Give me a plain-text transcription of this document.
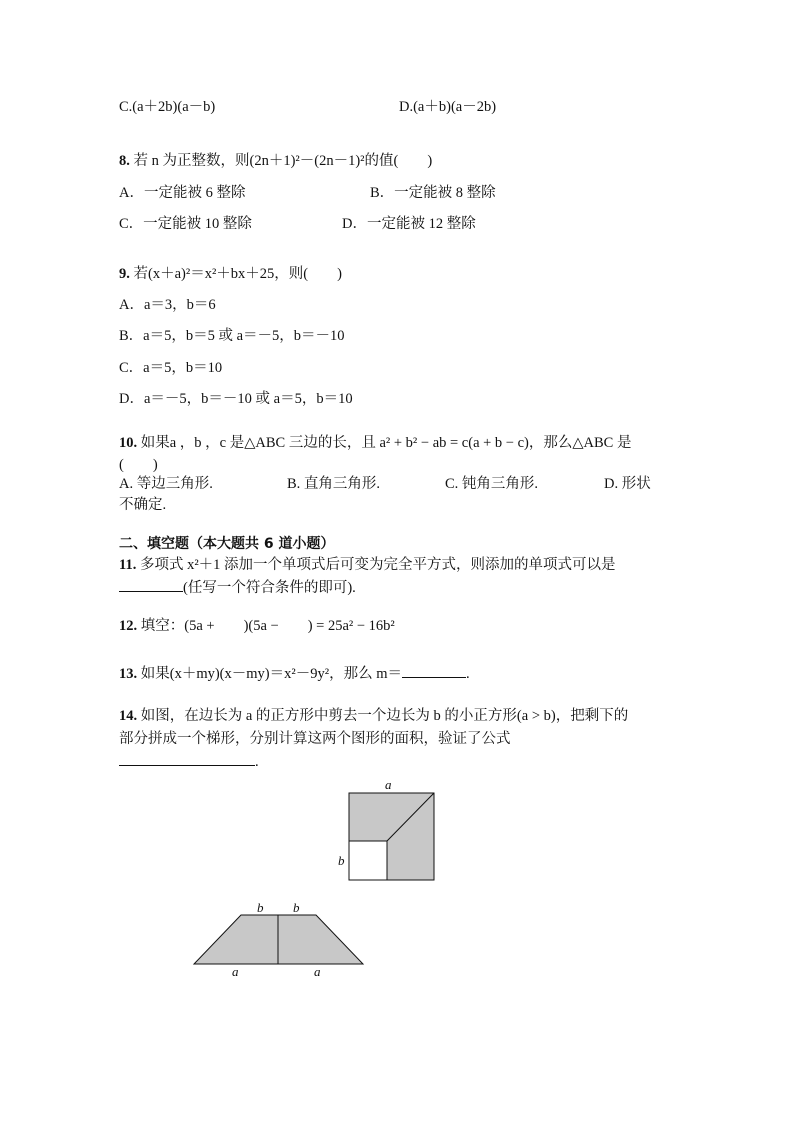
C.(a＋2b)(a－b)	D.(a＋b)(a－2b)
8. 若 n 为正整数，则(2n＋1)²－(2n－1)²的值(　　)
A．一定能被 6 整除	B．一定能被 8 整除
C．一定能被 10 整除	D．一定能被 12 整除
9. 若(x＋a)²＝x²＋bx＋25，则(　　)
A．a＝3，b＝6
B．a＝5，b＝5 或 a＝－5，b＝－10
C．a＝5，b＝10
D．a＝－5，b＝－10 或 a＝5，b＝10
10. 如果a ，b ，c 是△ABC 三边的长，且 a² + b² − ab = c(a + b − c)，那么△ABC 是
(　　)
A. 等边三角形.	B. 直角三角形.	C. 钝角三角形.	D. 形状
不确定.
二、填空题（本大题共 6 道小题）
11. 多项式 x²＋1 添加一个单项式后可变为完全平方式，则添加的单项式可以是
(任写一个符合条件的即可).
12. 填空：(5a +　　)(5a −　　) = 25a² − 16b²
13. 如果(x＋my)(x－my)＝x²－9y²，那么 m＝	.
14. 如图，在边长为 a 的正方形中剪去一个边长为 b 的小正方形(a > b)，把剩下的
部分拼成一个梯形，分别计算这两个图形的面积，验证了公式
.
a
b
b b
a	a
